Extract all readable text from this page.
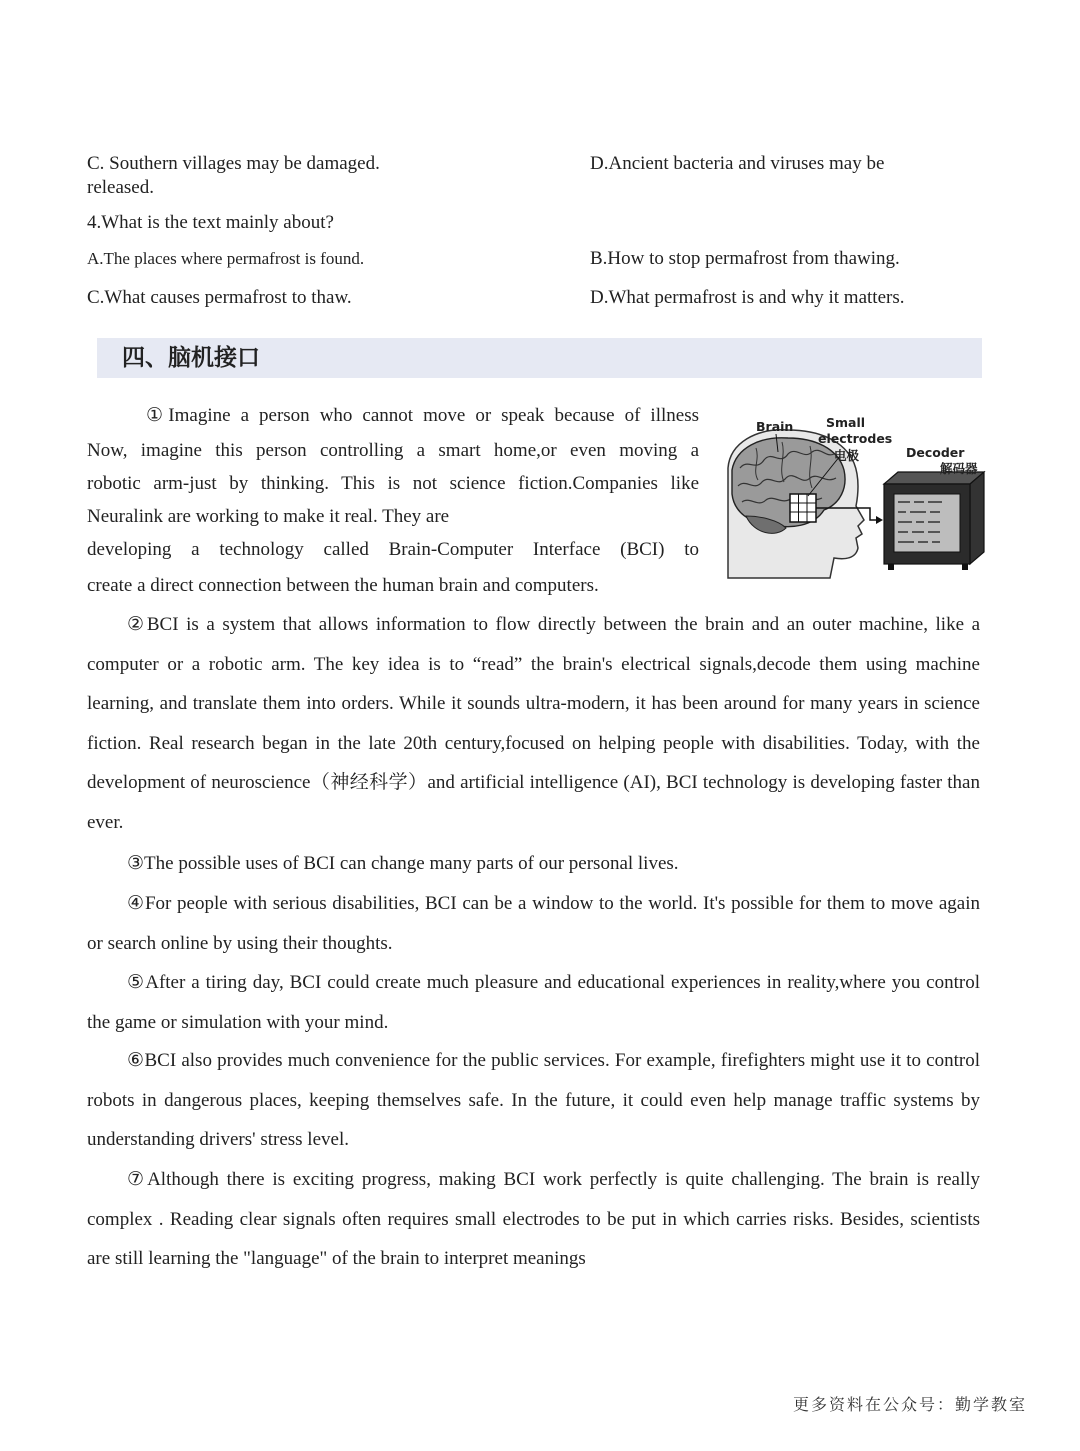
C. Southern villages may be damaged.	D.Ancient bacteria and viruses may be
released.
4.What is the text mainly about?
A.The places where permafrost is found.	B.How to stop permafrost from thawing.
C.What causes permafrost to thaw.	D.What permafrost is and why it matters.
四、脑机接口
①Imagine a person who cannot move or speak because of illness
Now, imagine this person controlling a smart home,or even moving a
robotic arm-just by thinking. This is not science fiction.Companies like
Neuralink are working to make it real. They are
developing a technology called Brain-Computer Interface (BCI) to
create a direct connection between the human brain and computers.
Brain	Small
electrodes
电极	Decoder
解码器
②BCI is a system that allows information to flow directly between the brain and an outer machine, like a computer or a robotic arm. The key idea is to “read” the brain's electrical signals,decode them using machine learning, and translate them into orders. While it sounds ultra-modern, it has been around for many years in science fiction. Real research began in the late 20th century,focused on helping people with disabilities. Today, with the development of neuroscience（神经科学）and artificial intelligence (AI), BCI technology is developing faster than ever.
③The possible uses of BCI can change many parts of our personal lives.
④For people with serious disabilities, BCI can be a window to the world. It's possible for them to move again or search online by using their thoughts.
⑤After a tiring day, BCI could create much pleasure and educational experiences in reality,where you control the game or simulation with your mind.
⑥BCI also provides much convenience for the public services. For example, firefighters might use it to control robots in dangerous places, keeping themselves safe. In the future, it could even help manage traffic systems by understanding drivers' stress level.
⑦Although there is exciting progress, making BCI work perfectly is quite challenging. The brain is really complex . Reading clear signals often requires small electrodes to be put in which carries risks. Besides, scientists are still learning the "language" of the brain to interpret meanings
更多资料在公众号：勤学教室
